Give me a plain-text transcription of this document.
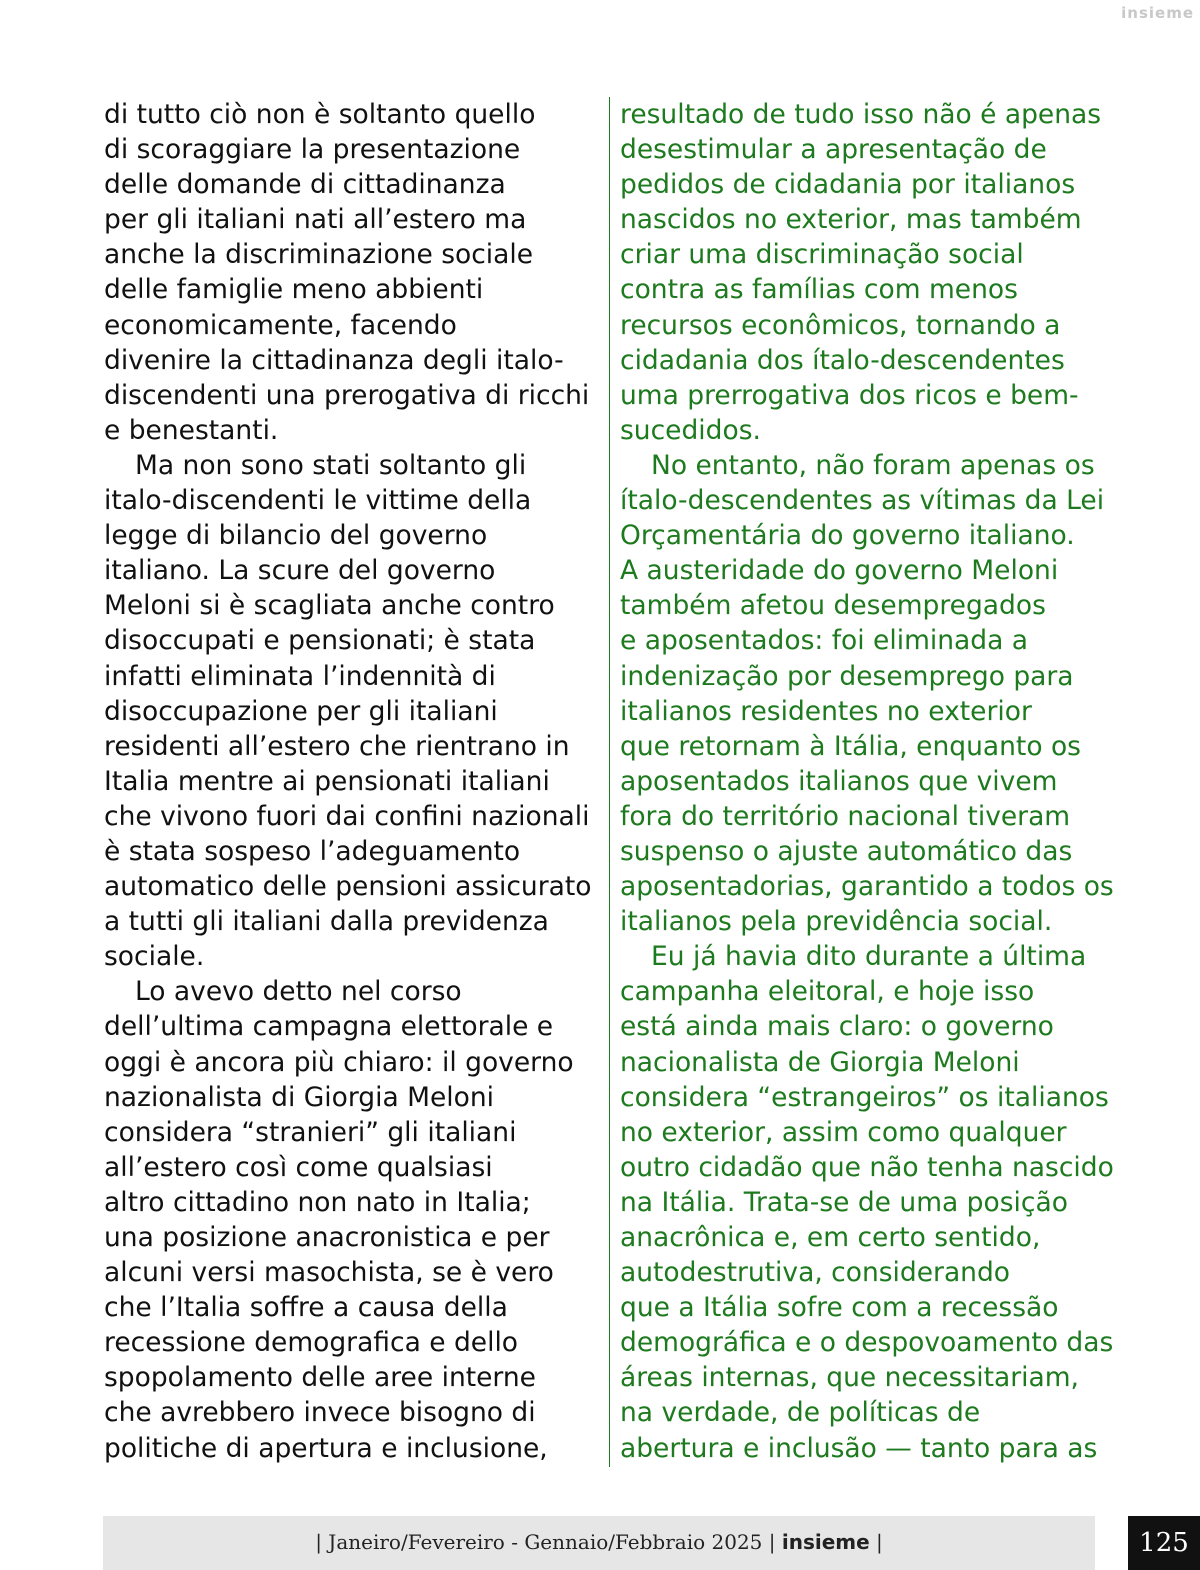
insieme
di tutto ciò non è soltanto quello
di scoraggiare la presentazione
delle domande di cittadinanza
per gli italiani nati all’estero ma
anche la discriminazione sociale
delle famiglie meno abbienti
economicamente, facendo
divenire la cittadinanza degli italo-
discendenti una prerogativa di ricchi
e benestanti.
Ma non sono stati soltanto gli
italo-discendenti le vittime della
legge di bilancio del governo
italiano. La scure del governo
Meloni si è scagliata anche contro
disoccupati e pensionati; è stata
infatti eliminata l’indennità di
disoccupazione per gli italiani
residenti all’estero che rientrano in
Italia mentre ai pensionati italiani
che vivono fuori dai confini nazionali
è stata sospeso l’adeguamento
automatico delle pensioni assicurato
a tutti gli italiani dalla previdenza
sociale.
Lo avevo detto nel corso
dell’ultima campagna elettorale e
oggi è ancora più chiaro: il governo
nazionalista di Giorgia Meloni
considera “stranieri” gli italiani
all’estero così come qualsiasi
altro cittadino non nato in Italia;
una posizione anacronistica e per
alcuni versi masochista, se è vero
che l’Italia soffre a causa della
recessione demografica e dello
spopolamento delle aree interne
che avrebbero invece bisogno di
politiche di apertura e inclusione,
resultado de tudo isso não é apenas
desestimular a apresentação de
pedidos de cidadania por italianos
nascidos no exterior, mas também
criar uma discriminação social
contra as famílias com menos
recursos econômicos, tornando a
cidadania dos ítalo-descendentes
uma prerrogativa dos ricos e bem-
sucedidos.
No entanto, não foram apenas os
ítalo-descendentes as vítimas da Lei
Orçamentária do governo italiano.
A austeridade do governo Meloni
também afetou desempregados
e aposentados: foi eliminada a
indenização por desemprego para
italianos residentes no exterior
que retornam à Itália, enquanto os
aposentados italianos que vivem
fora do território nacional tiveram
suspenso o ajuste automático das
aposentadorias, garantido a todos os
italianos pela previdência social.
Eu já havia dito durante a última
campanha eleitoral, e hoje isso
está ainda mais claro: o governo
nacionalista de Giorgia Meloni
considera “estrangeiros” os italianos
no exterior, assim como qualquer
outro cidadão que não tenha nascido
na Itália. Trata-se de uma posição
anacrônica e, em certo sentido,
autodestrutiva, considerando
que a Itália sofre com a recessão
demográfica e o despovoamento das
áreas internas, que necessitariam,
na verdade, de políticas de
abertura e inclusão — tanto para as
| Janeiro/Fevereiro - Gennaio/Febbraio 2025 | insieme |	125
